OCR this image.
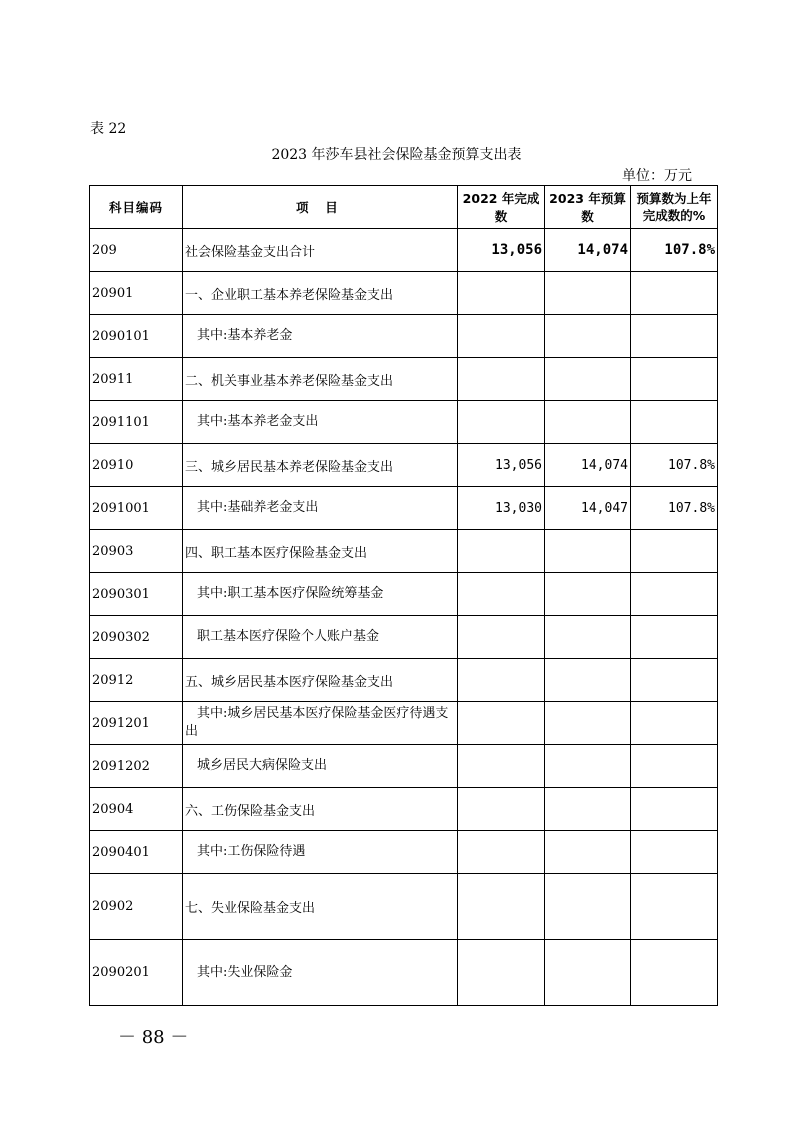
表 22
2023 年莎车县社会保险基金预算支出表
单位：万元
科目编码	项 目	2022 年完成数	2023 年预算数	预算数为上年完成数的%
209	社会保险基金支出合计	13,056	14,074	107.8%
20901	一、企业职工基本养老保险基金支出			
2090101	其中:基本养老金			
20911	二、机关事业基本养老保险基金支出			
2091101	其中:基本养老金支出			
20910	三、城乡居民基本养老保险基金支出	13,056	14,074	107.8%
2091001	其中:基础养老金支出	13,030	14,047	107.8%
20903	四、职工基本医疗保险基金支出			
2090301	其中:职工基本医疗保险统筹基金			
2090302	职工基本医疗保险个人账户基金			
20912	五、城乡居民基本医疗保险基金支出			
2091201	其中:城乡居民基本医疗保险基金医疗待遇支出			
2091202	城乡居民大病保险支出			
20904	六、工伤保险基金支出			
2090401	其中:工伤保险待遇			
20902	七、失业保险基金支出			
2090201	其中:失业保险金			
－ 88 －
